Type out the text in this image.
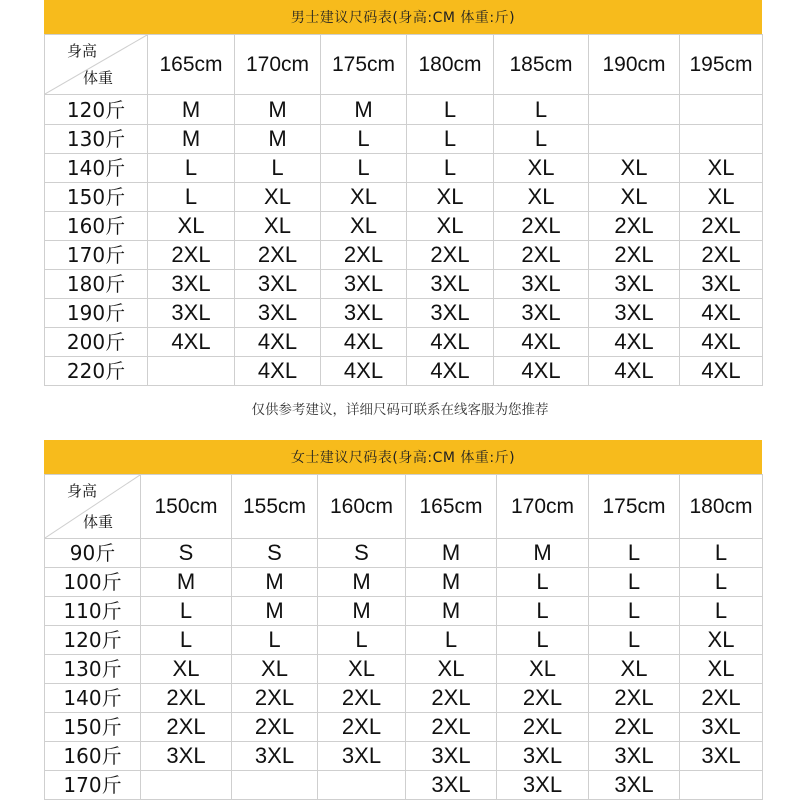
男士建议尺码表(身高:CM 体重:斤)
身高
体重	165cm	170cm	175cm	180cm	185cm	190cm	195cm
120斤	M	M	M	L	L		
130斤	M	M	L	L	L		
140斤	L	L	L	L	XL	XL	XL
150斤	L	XL	XL	XL	XL	XL	XL
160斤	XL	XL	XL	XL	2XL	2XL	2XL
170斤	2XL	2XL	2XL	2XL	2XL	2XL	2XL
180斤	3XL	3XL	3XL	3XL	3XL	3XL	3XL
190斤	3XL	3XL	3XL	3XL	3XL	3XL	4XL
200斤	4XL	4XL	4XL	4XL	4XL	4XL	4XL
220斤		4XL	4XL	4XL	4XL	4XL	4XL
仅供参考建议，详细尺码可联系在线客服为您推荐
女士建议尺码表(身高:CM 体重:斤)
身高
体重	150cm	155cm	160cm	165cm	170cm	175cm	180cm
90斤	S	S	S	M	M	L	L
100斤	M	M	M	M	L	L	L
110斤	L	M	M	M	L	L	L
120斤	L	L	L	L	L	L	XL
130斤	XL	XL	XL	XL	XL	XL	XL
140斤	2XL	2XL	2XL	2XL	2XL	2XL	2XL
150斤	2XL	2XL	2XL	2XL	2XL	2XL	3XL
160斤	3XL	3XL	3XL	3XL	3XL	3XL	3XL
170斤				3XL	3XL	3XL	
